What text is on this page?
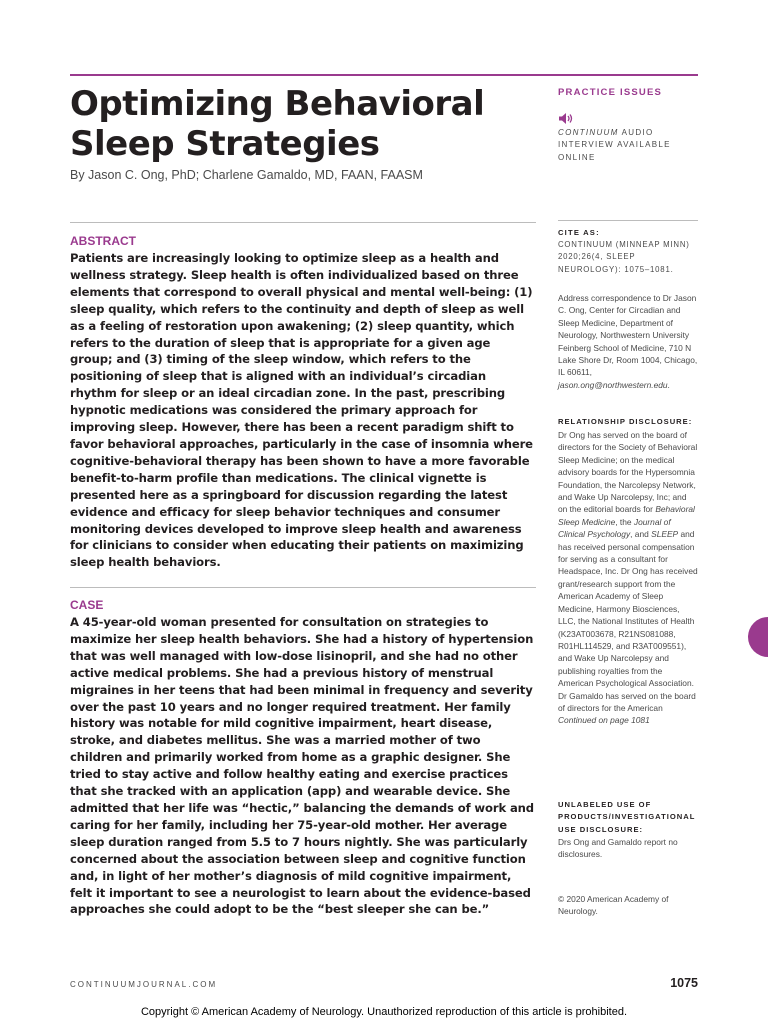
Optimizing Behavioral
Sleep Strategies
By Jason C. Ong, PhD; Charlene Gamaldo, MD, FAAN, FAASM
ABSTRACT

Patients are increasingly looking to optimize sleep as a health and wellness strategy. Sleep health is often individualized based on three elements that correspond to overall physical and mental well-being: (1) sleep quality, which refers to the continuity and depth of sleep as well as a feeling of restoration upon awakening; (2) sleep quantity, which refers to the duration of sleep that is appropriate for a given age group; and (3) timing of the sleep window, which refers to the positioning of sleep that is aligned with an individual’s circadian rhythm for sleep or an ideal circadian zone. In the past, prescribing hypnotic medications was considered the primary approach for improving sleep. However, there has been a recent paradigm shift to favor behavioral approaches, particularly in the case of insomnia where cognitive-behavioral therapy has been shown to have a more favorable benefit-to-harm profile than medications. The clinical vignette is presented here as a springboard for discussion regarding the latest evidence and efficacy for sleep behavior techniques and consumer monitoring devices developed to improve sleep health and awareness for clinicians to consider when educating their patients on maximizing sleep health behaviors.

CASE

A 45-year-old woman presented for consultation on strategies to maximize her sleep health behaviors. She had a history of hypertension that was well managed with low-dose lisinopril, and she had no other active medical problems. She had a previous history of menstrual migraines in her teens that had been minimal in frequency and severity over the past 10 years and no longer required treatment. Her family history was notable for mild cognitive impairment, heart disease, stroke, and diabetes mellitus. She was a married mother of two children and primarily worked from home as a graphic designer. She tried to stay active and follow healthy eating and exercise practices that she tracked with an application (app) and wearable device. She admitted that her life was “hectic,” balancing the demands of work and caring for her family, including her 75-year-old mother. Her average sleep duration ranged from 5.5 to 7 hours nightly. She was particularly concerned about the association between sleep and cognitive function and, in light of her mother’s diagnosis of mild cognitive impairment, felt it important to see a neurologist to learn about the evidence-based approaches she could adopt to be the “best sleeper she can be.”

PRACTICE ISSUES
CONTINUUM AUDIO INTERVIEW AVAILABLE ONLINE
CITE AS:
CONTINUUM (MINNEAP MINN) 2020;26(4, SLEEP NEUROLOGY): 1075–1081.
Address correspondence to Dr Jason C. Ong, Center for Circadian and Sleep Medicine, Department of Neurology, Northwestern University Feinberg School of Medicine, 710 N Lake Shore Dr, Room 1004, Chicago, IL 60611, jason.ong@northwestern.edu.
RELATIONSHIP DISCLOSURE:
Dr Ong has served on the board of directors for the Society of Behavioral Sleep Medicine; on the medical advisory boards for the Hypersomnia Foundation, the Narcolepsy Network, and Wake Up Narcolepsy, Inc; and on the editorial boards for Behavioral Sleep Medicine, the Journal of Clinical Psychology, and SLEEP and has received personal compensation for serving as a consultant for Headspace, Inc. Dr Ong has received grant/research support from the American Academy of Sleep Medicine, Harmony Biosciences, LLC, the National Institutes of Health (K23AT003678, R21NS081088, R01HL114529, and R3AT009551), and Wake Up Narcolepsy and publishing royalties from the American Psychological Association. Dr Gamaldo has served on the board of directors for the American
Continued on page 1081
UNLABELED USE OF PRODUCTS/INVESTIGATIONAL USE DISCLOSURE:
Drs Ong and Gamaldo report no disclosures.
© 2020 American Academy of Neurology.
CONTINUUMJOURNAL.COM	1075
Copyright © American Academy of Neurology. Unauthorized reproduction of this article is prohibited.
